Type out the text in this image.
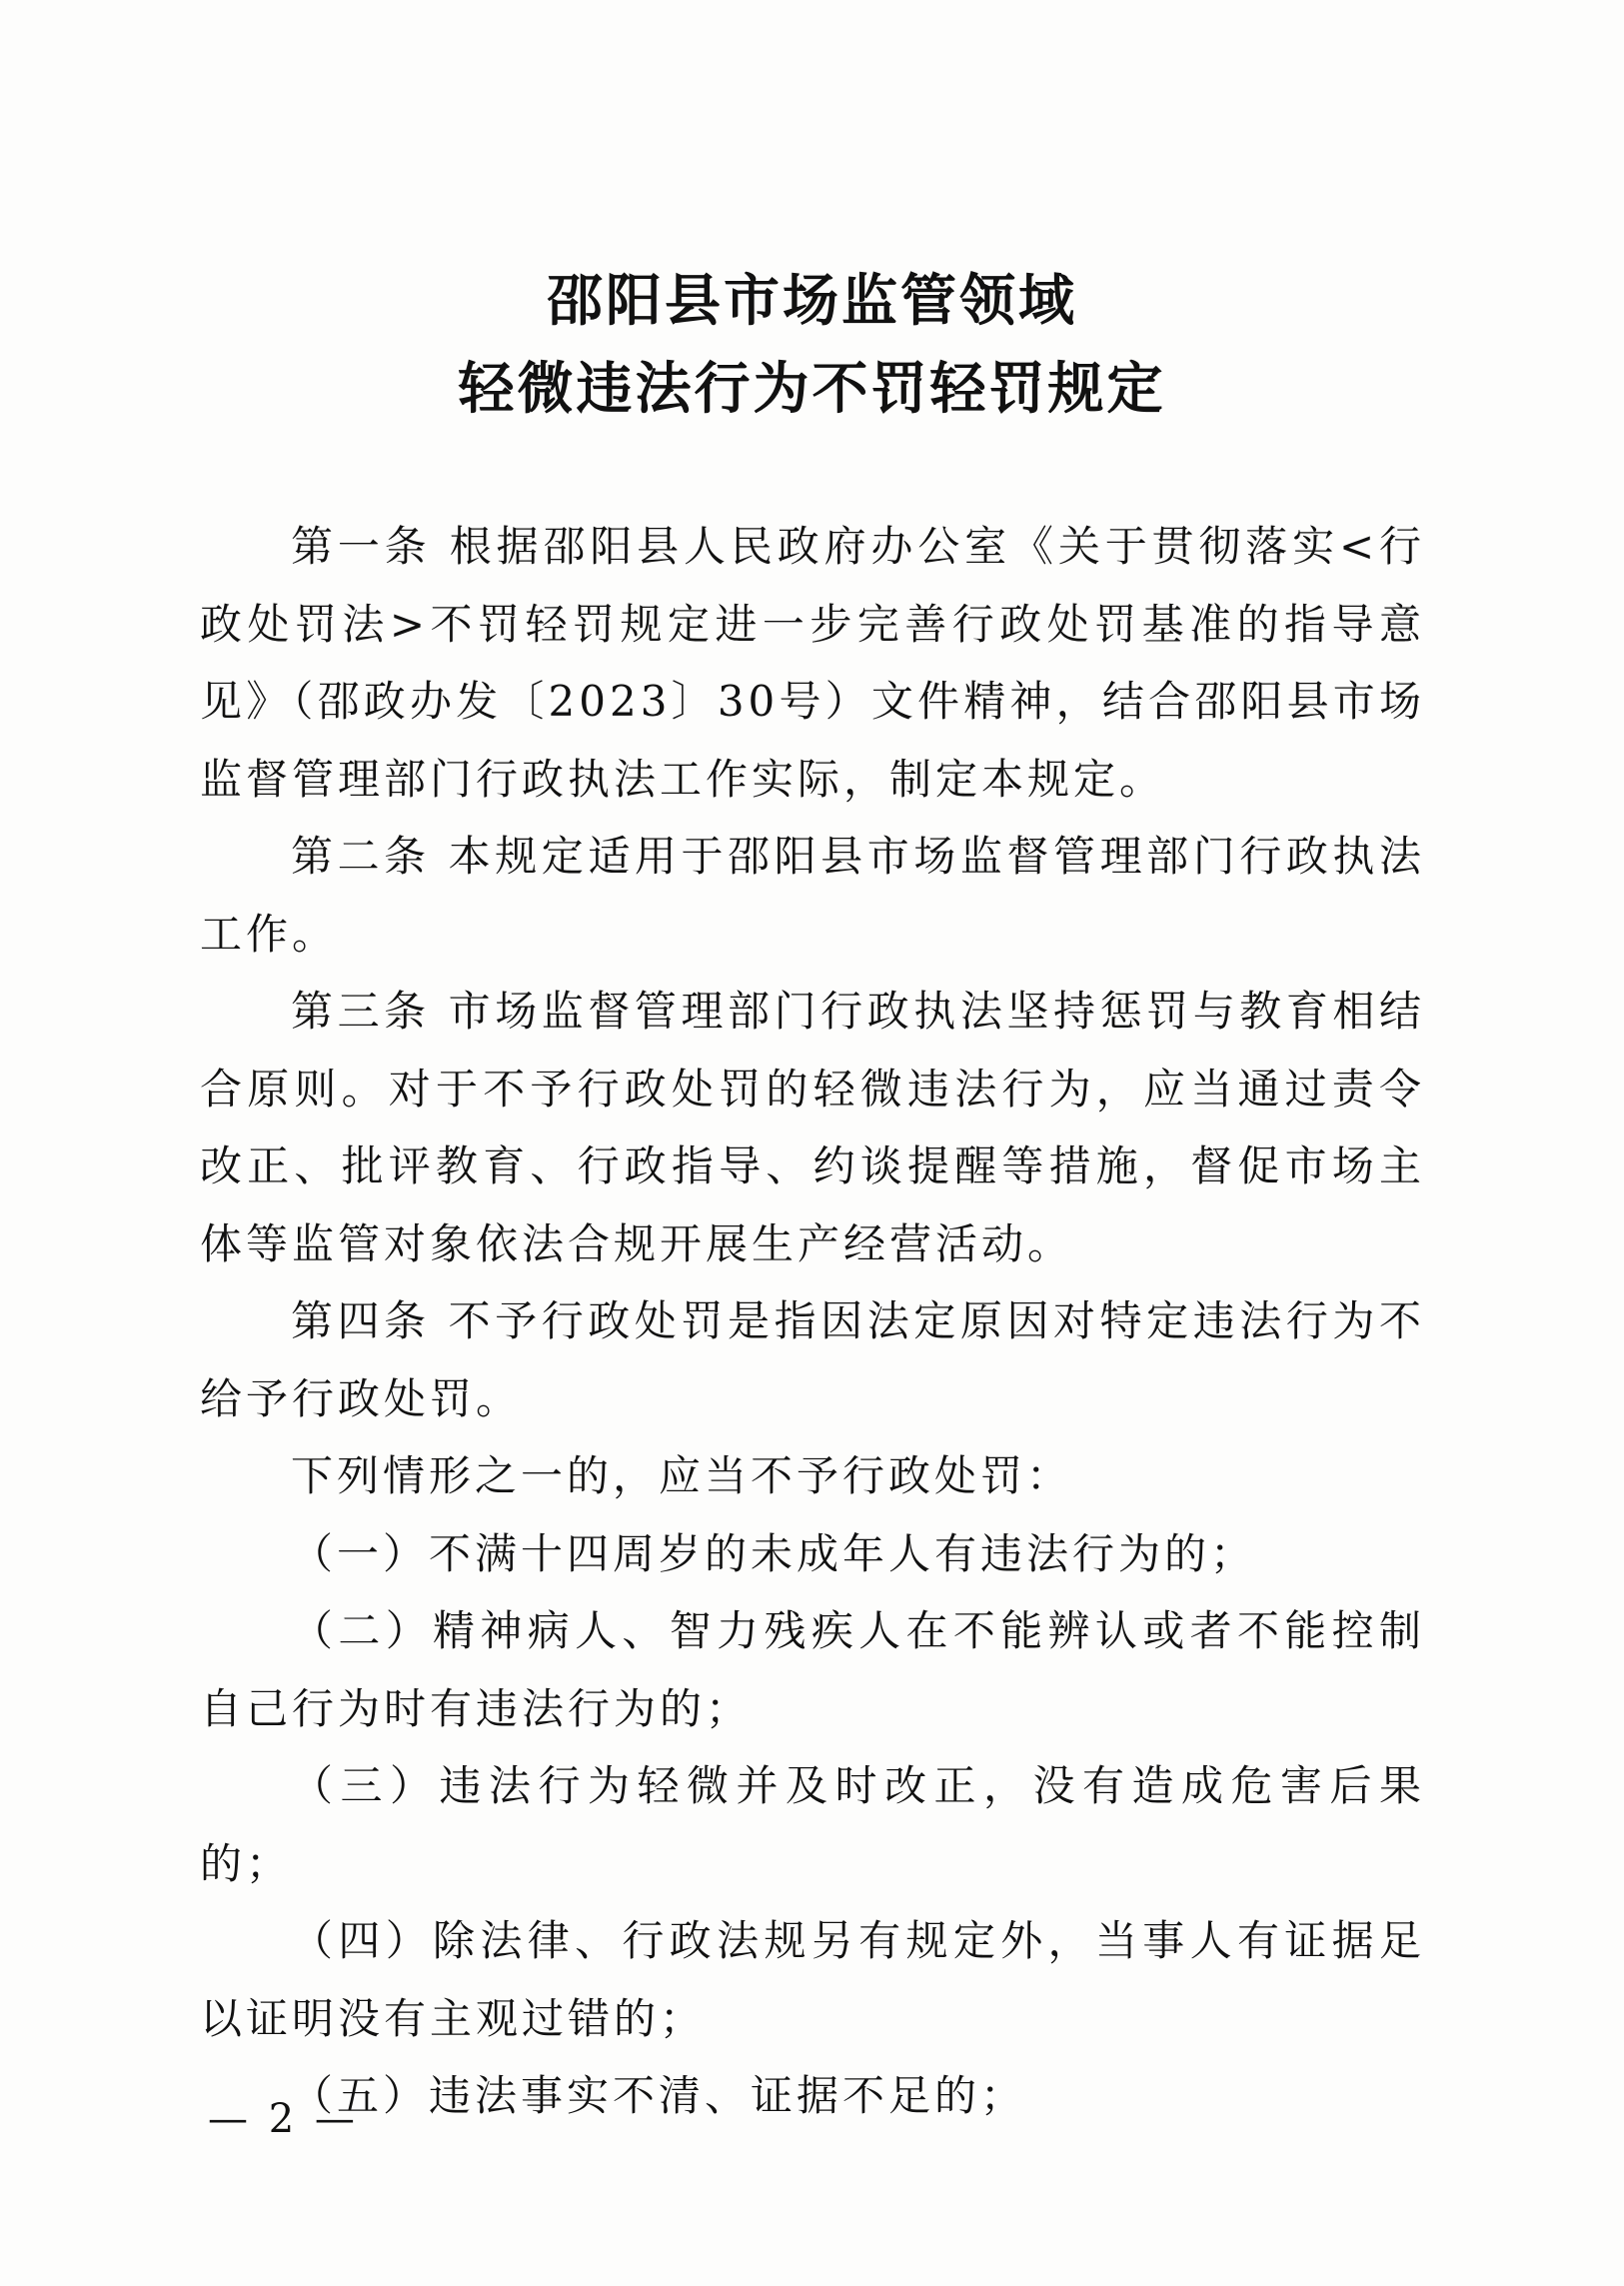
邵阳县市场监管领域
轻微违法行为不罚轻罚规定

第一条 根据邵阳县人民政府办公室《关于贯彻落实<行政处罚法>不罚轻罚规定进一步完善行政处罚基准的指导意见》（邵政办发〔2023〕30号）文件精神，结合邵阳县市场监督管理部门行政执法工作实际，制定本规定。

第二条 本规定适用于邵阳县市场监督管理部门行政执法工作。

第三条 市场监督管理部门行政执法坚持惩罚与教育相结合原则。对于不予行政处罚的轻微违法行为，应当通过责令改正、批评教育、行政指导、约谈提醒等措施，督促市场主体等监管对象依法合规开展生产经营活动。

第四条 不予行政处罚是指因法定原因对特定违法行为不给予行政处罚。

下列情形之一的，应当不予行政处罚：

（一）不满十四周岁的未成年人有违法行为的；

（二）精神病人、智力残疾人在不能辨认或者不能控制自己行为时有违法行为的；

（三）违法行为轻微并及时改正，没有造成危害后果的；

（四）除法律、行政法规另有规定外，当事人有证据足以证明没有主观过错的；

（五）违法事实不清、证据不足的；

— 2 —
